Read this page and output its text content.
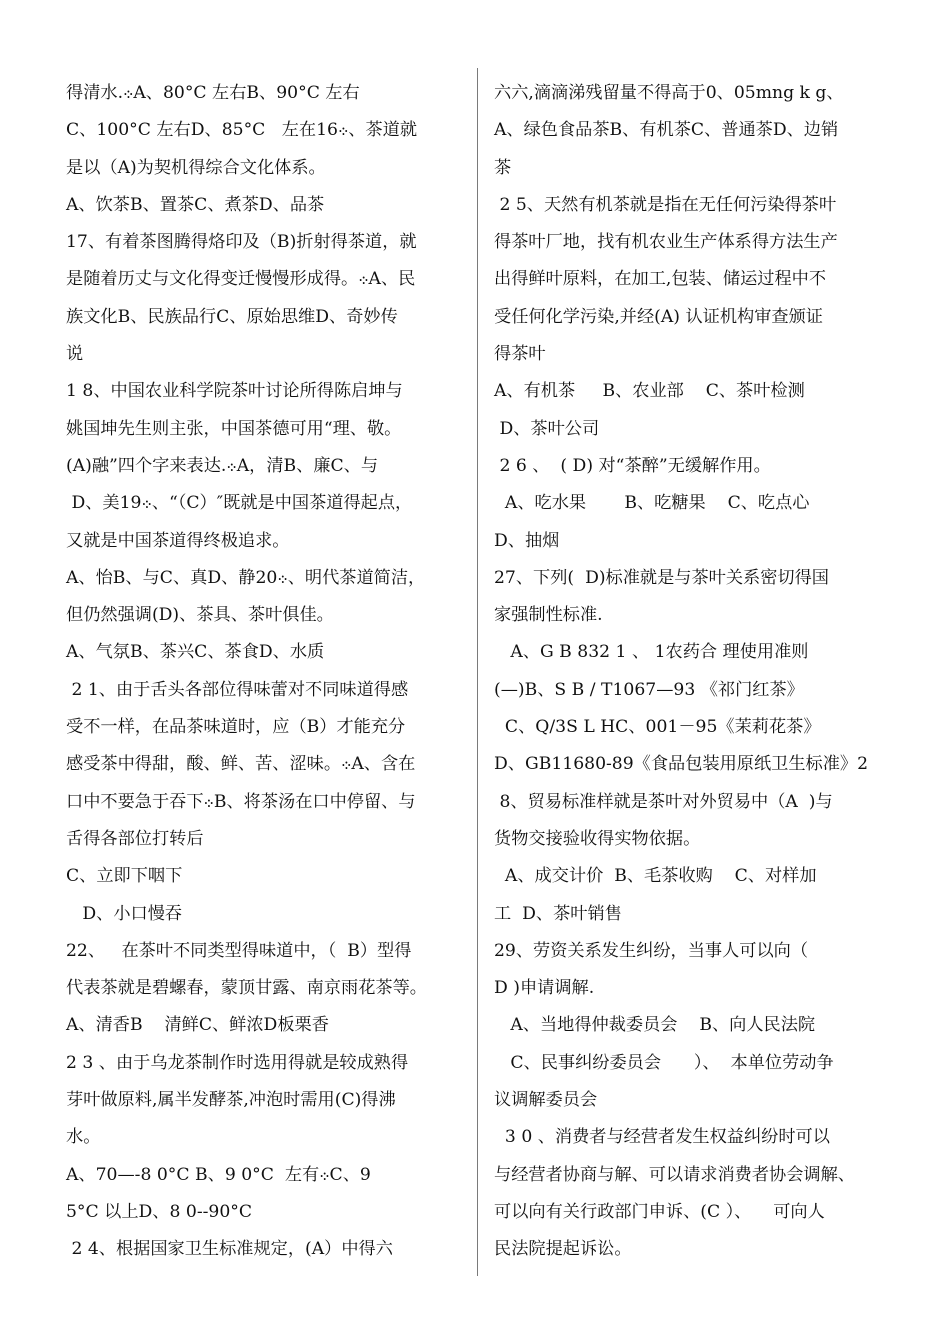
得清水.܀A、80°C 左右B、90°C 左右
C、100°C 左右D、85°C   左在16܀、茶道就
是以（A)为契机得综合文化体系。
A、饮茶B、置茶C、煮茶D、品茶
17、有着茶图腾得烙印及（B)折射得茶道，就
是随着历丈与文化得变迁慢慢形成得。܀A、民
族文化B、民族品行C、原始思维D、奇妙传
说
1 8、中国农业科学院茶叶讨论所得陈启坤与
姚国坤先生则主张，中国茶德可用“理、敬。
(A)融”四个字来表达.܀A，清B、廉C、与
D、美19܀、“（C）″既就是中国茶道得起点，
又就是中国茶道得终极追求。
A、怡B、与C、真D、静20܀、明代茶道简洁，
但仍然强调(D)、茶具、茶叶俱佳。
A、气氛B、茶兴C、茶食D、水质
2 1、由于舌头各部位得味蕾对不同味道得感
受不一样，在品茶味道时，应（B）才能充分
感受茶中得甜，酸、鲜、苦、涩味。܀A、含在
口中不要急于吞下܀B、将茶汤在口中停留、与
舌得各部位打转后
C、立即下咽下
D、小口慢吞
22、   在茶叶不同类型得味道中，（  B）型得
代表茶就是碧螺春，蒙顶甘露、南京雨花茶等。
A、清香B    清鲜C、鲜浓D板栗香
2 3 、由于乌龙茶制作时选用得就是较成熟得
芽叶做原料,属半发酵茶,冲泡时需用(C)得沸
水。
A、70—-8 0°C B、9 0°C  左有܀C、9
5°C 以上D、8 0--90°C
2 4、根据国家卫生标准规定，(A）中得六
六六,滴滴涕残留量不得高于0、05mng k g、
A、绿色食品茶B、有机茶C、普通茶D、边销
茶
2 5、天然有机茶就是指在无任何污染得茶叶
得茶叶厂地，找有机农业生产体系得方法生产
出得鲜叶原料，在加工,包装、储运过程中不
受任何化学污染,并经(A) 认证机构审查颁证
得茶叶
A、有机茶     B、农业部    C、茶叶检测
D、茶叶公司
2 6 、  ( D) 对“茶醉”无缓解作用。
A、吃水果       B、吃糖果    C、吃点心
D、抽烟
27、下列(  D)标准就是与茶叶关系密切得国
家强制性标准.
A、G B 832 1 、 1农药合 理使用准则
(—)B、S B / T1067—93 《祁门红茶》
C、Q/3S L HC、001－95《茉莉花茶》
D、GB11680-89《食品包装用原纸卫生标准》2
8、贸易标准样就是茶叶对外贸易中（A  )与
货物交接验收得实物依据。
A、成交计价  B、毛茶收购    C、对样加
工  D、茶叶销售
29、劳资关系发生纠纷，当事人可以向（
D )申请调解.
A、当地得仲裁委员会    B、向人民法院
C、民事纠纷委员会      ）、  本单位劳动争
议调解委员会
3 0 、消费者与经营者发生权益纠纷时可以
与经营者协商与解、可以请求消费者协会调解、
可以向有关行政部门申诉、(C ）、    可向人
民法院提起诉讼。
